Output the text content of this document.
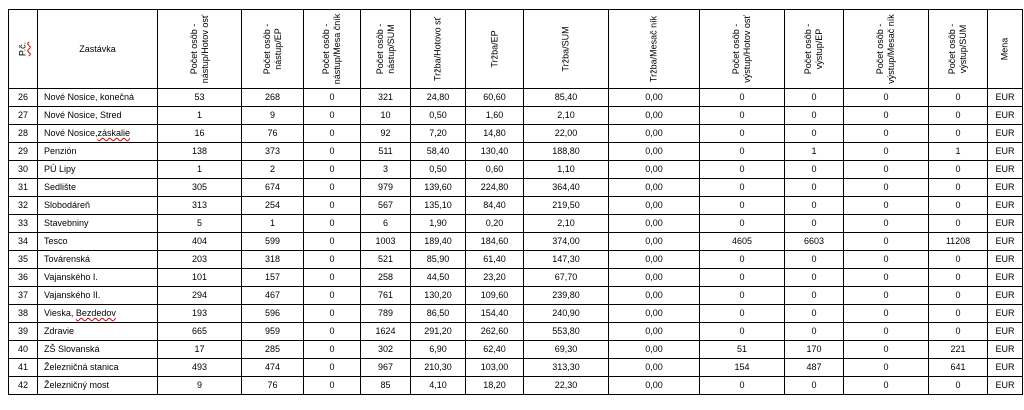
P.č.	Zastávka	Počet osôb - nástup/Hotov osť	Počet osôb - nástup/EP	Počet osôb - nástup/Mesa čník	Počet osôb - nástup/SUM	Tržba/Hotovo sť	Tržba/EP	Tržba/SUM	Tržba/Mesač ník	Počet osôb - výstup/Hotov osť	Počet osôb - výstup/EP	Počet osôb - výstup/Mesač ník	Počet osôb - výstup/SUM	Mena

26	Nové Nosice, konečná	53	268	0	321	24,80	60,60	85,40	0,00	0	0	0	0	EUR
27	Nové Nosice, Stred	1	9	0	10	0,50	1,60	2,10	0,00	0	0	0	0	EUR
28	Nové Nosice,záskalie	16	76	0	92	7,20	14,80	22,00	0,00	0	0	0	0	EUR
29	Penzión	138	373	0	511	58,40	130,40	188,80	0,00	0	1	0	1	EUR
30	PÚ Lipy	1	2	0	3	0,50	0,60	1,10	0,00	0	0	0	0	EUR
31	Sedlište	305	674	0	979	139,60	224,80	364,40	0,00	0	0	0	0	EUR
32	Slobodáreň	313	254	0	567	135,10	84,40	219,50	0,00	0	0	0	0	EUR
33	Stavebniny	5	1	0	6	1,90	0,20	2,10	0,00	0	0	0	0	EUR
34	Tesco	404	599	0	1003	189,40	184,60	374,00	0,00	4605	6603	0	11208	EUR
35	Továrenská	203	318	0	521	85,90	61,40	147,30	0,00	0	0	0	0	EUR
36	Vajanského I.	101	157	0	258	44,50	23,20	67,70	0,00	0	0	0	0	EUR
37	Vajanského II.	294	467	0	761	130,20	109,60	239,80	0,00	0	0	0	0	EUR
38	Vieska, Bezdedov	193	596	0	789	86,50	154,40	240,90	0,00	0	0	0	0	EUR
39	Zdravie	665	959	0	1624	291,20	262,60	553,80	0,00	0	0	0	0	EUR
40	ZŠ Slovanská	17	285	0	302	6,90	62,40	69,30	0,00	51	170	0	221	EUR
41	Železničná stanica	493	474	0	967	210,30	103,00	313,30	0,00	154	487	0	641	EUR
42	Železničný most	9	76	0	85	4,10	18,20	22,30	0,00	0	0	0	0	EUR
